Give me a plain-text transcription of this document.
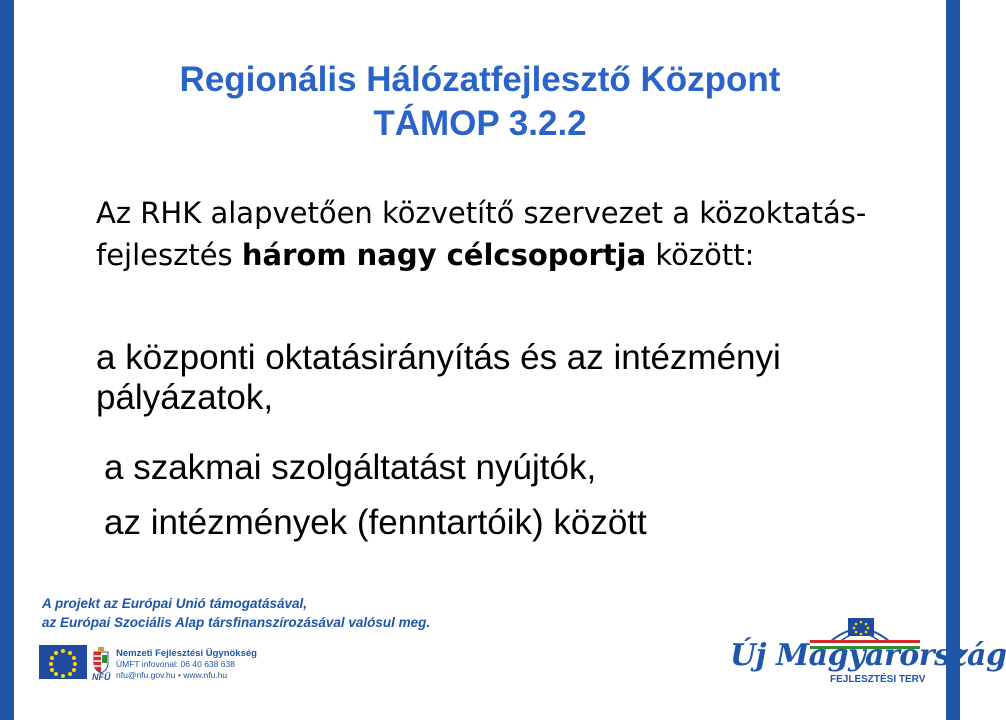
Regionális Hálózatfejlesztő Központ
TÁMOP 3.2.2
Az RHK alapvetően közvetítő szervezet a közoktatás-fejlesztés három nagy célcsoportja között:
a központi oktatásirányítás és az intézményi pályázatok,
a szakmai szolgáltatást nyújtók,
az intézmények (fenntartóik) között
A projekt az Európai Unió támogatásával,
az Európai Szociális Alap társfinanszírozásával valósul meg.
NFÜ
Nemzeti Fejlesztési Ügynökség
ÚMFT infovonal: 06 40 638 638
nfu@nfu.gov.hu • www.nfu.hu
Új Magyarország
FEJLESZTÉSI TERV
